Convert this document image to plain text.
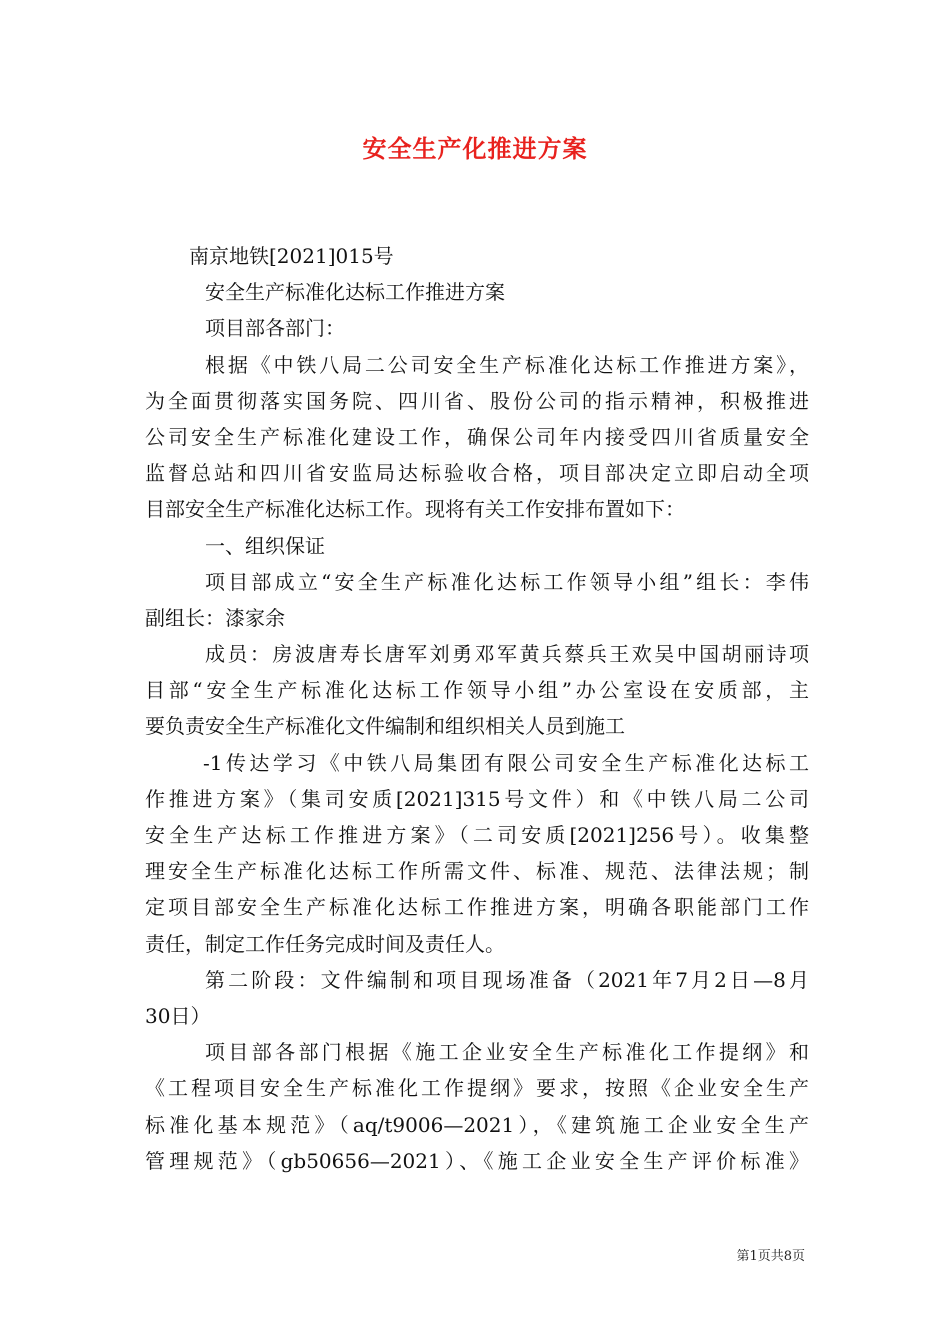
安全生产化推进方案
南京地铁[2021]015号
安全生产标准化达标工作推进方案
项目部各部门：
根据《中铁八局二公司安全生产标准化达标工作推进方案》，
为全面贯彻落实国务院、四川省、股份公司的指示精神，积极推进
公司安全生产标准化建设工作，确保公司年内接受四川省质量安全
监督总站和四川省安监局达标验收合格，项目部决定立即启动全项
目部安全生产标准化达标工作。现将有关工作安排布置如下：
一、组织保证
项目部成立“安全生产标准化达标工作领导小组”组长：李伟
副组长：漆家余
成员：房波唐寿长唐军刘勇邓军黄兵蔡兵王欢吴中国胡丽诗项
目部“安全生产标准化达标工作领导小组”办公室设在安质部，主
要负责安全生产标准化文件编制和组织相关人员到施工
-1传达学习《中铁八局集团有限公司安全生产标准化达标工
作推进方案》（集司安质[2021]315号文件）和《中铁八局二公司
安全生产达标工作推进方案》（二司安质[2021]256号）。收集整
理安全生产标准化达标工作所需文件、标准、规范、法律法规；制
定项目部安全生产标准化达标工作推进方案，明确各职能部门工作
责任，制定工作任务完成时间及责任人。
第二阶段：文件编制和项目现场准备（2021年7月2日—8月
30日）
项目部各部门根据《施工企业安全生产标准化工作提纲》和
《工程项目安全生产标准化工作提纲》要求，按照《企业安全生产
标准化基本规范》（aq/t9006—2021），《建筑施工企业安全生产
管理规范》（gb50656—2021）、《施工企业安全生产评价标准》
第1页共8页
